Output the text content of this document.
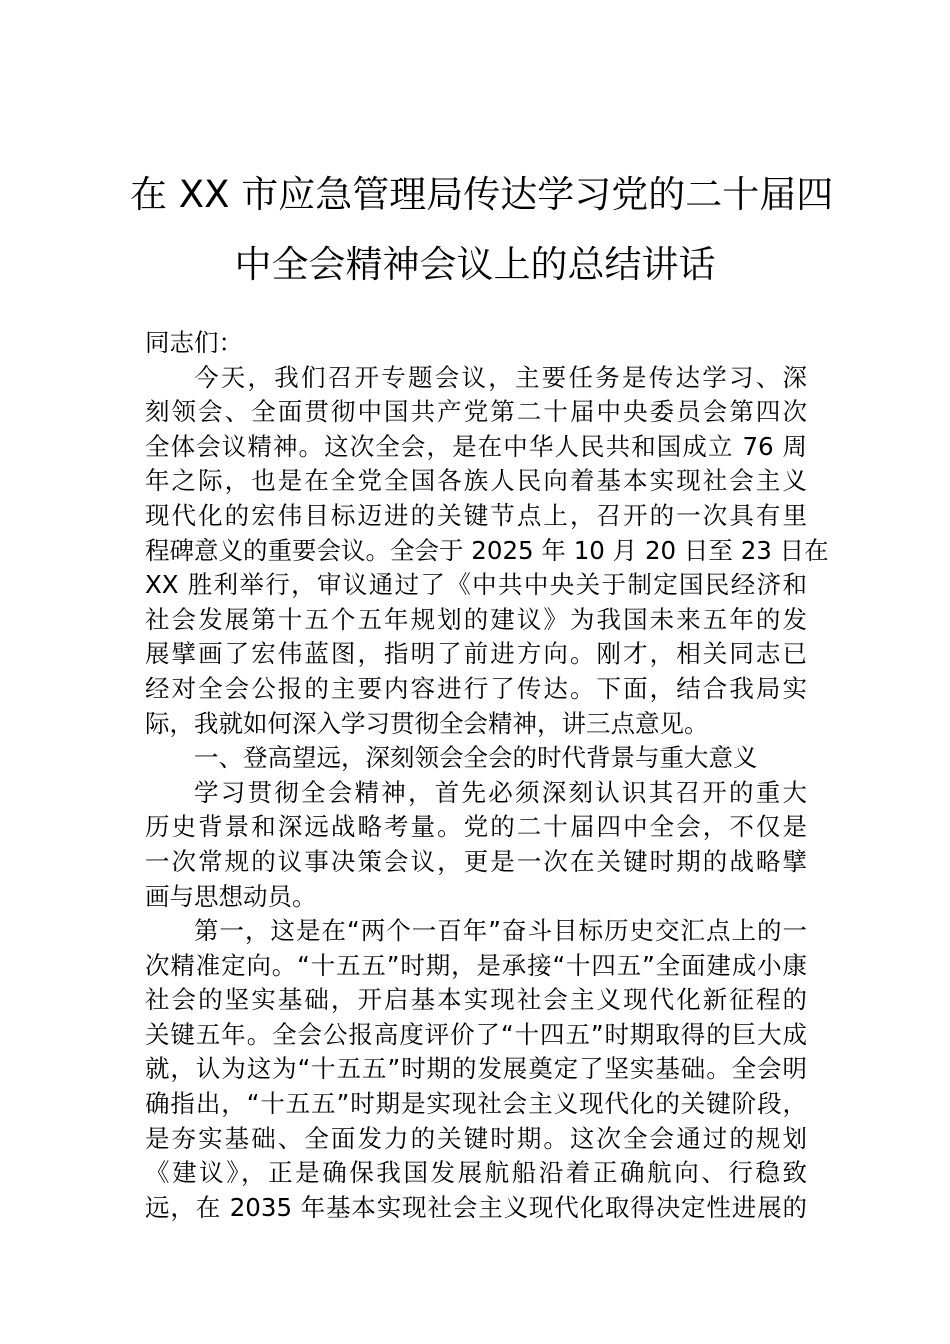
在 XX 市应急管理局传达学习党的二十届四
中全会精神会议上的总结讲话
同志们：
今天，我们召开专题会议，主要任务是传达学习、深
刻领会、全面贯彻中国共产党第二十届中央委员会第四次
全体会议精神。这次全会，是在中华人民共和国成立 76 周
年之际，也是在全党全国各族人民向着基本实现社会主义
现代化的宏伟目标迈进的关键节点上，召开的一次具有里
程碑意义的重要会议。全会于 2025 年 10 月 20 日至 23 日在
XX 胜利举行，审议通过了《中共中央关于制定国民经济和
社会发展第十五个五年规划的建议》为我国未来五年的发
展擘画了宏伟蓝图，指明了前进方向。刚才，相关同志已
经对全会公报的主要内容进行了传达。下面，结合我局实
际，我就如何深入学习贯彻全会精神，讲三点意见。
一、登高望远，深刻领会全会的时代背景与重大意义
学习贯彻全会精神，首先必须深刻认识其召开的重大
历史背景和深远战略考量。党的二十届四中全会，不仅是
一次常规的议事决策会议，更是一次在关键时期的战略擘
画与思想动员。
第一，这是在“两个一百年”奋斗目标历史交汇点上的一
次精准定向。“十五五”时期，是承接“十四五”全面建成小康
社会的坚实基础，开启基本实现社会主义现代化新征程的
关键五年。全会公报高度评价了“十四五”时期取得的巨大成
就，认为这为“十五五”时期的发展奠定了坚实基础。全会明
确指出，“十五五”时期是实现社会主义现代化的关键阶段，
是夯实基础、全面发力的关键时期。这次全会通过的规划
《建议》，正是确保我国发展航船沿着正确航向、行稳致
远，在 2035 年基本实现社会主义现代化取得决定性进展的
